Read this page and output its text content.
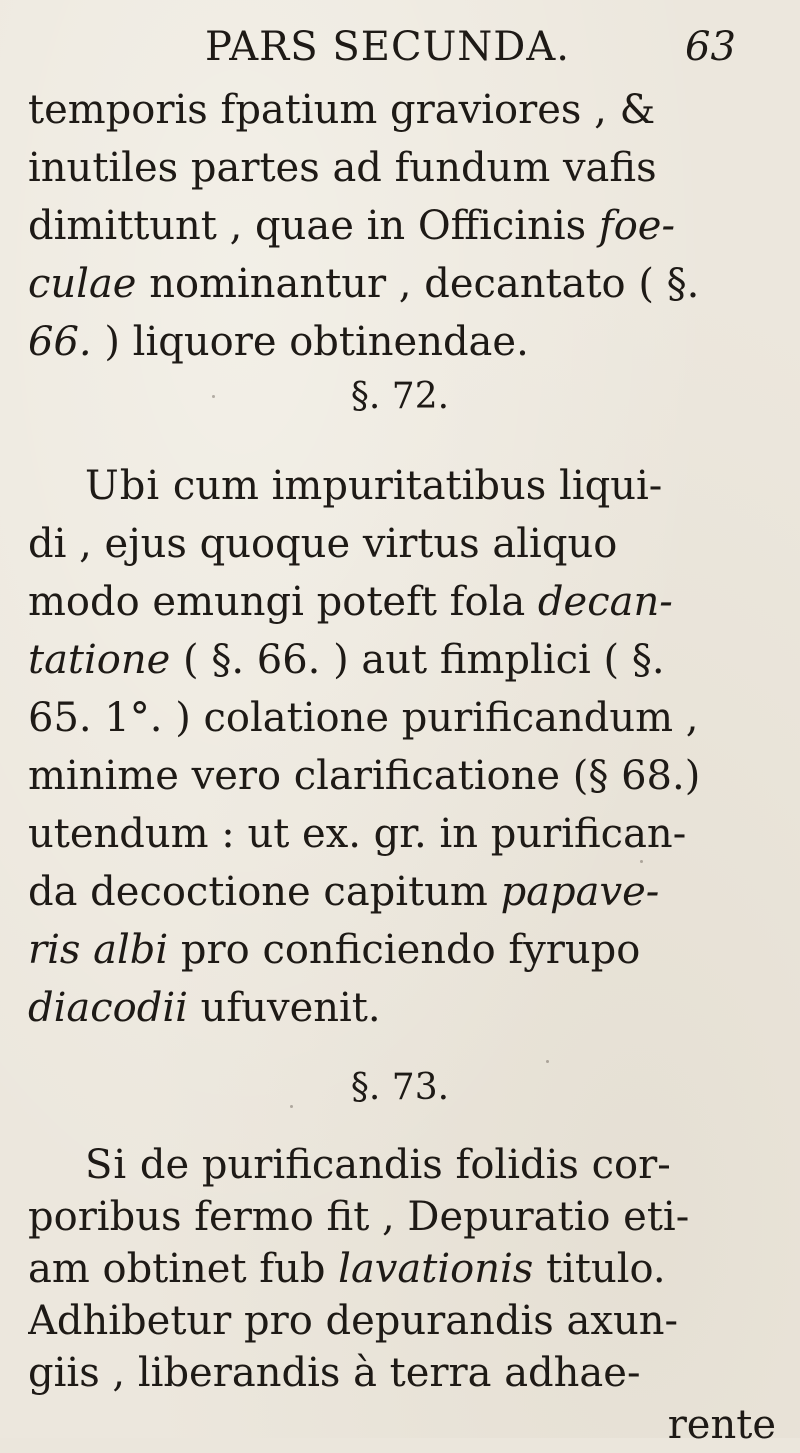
PARS SECUNDA.	63
temporis fpatium graviores , &
inutiles partes ad fundum vafis
dimittunt , quae in Officinis foe-
culae nominantur , decantato ( §.
66. ) liquore obtinendae.
§. 72.
Ubi cum impuritatibus liqui-
di , ejus quoque virtus aliquo
modo emungi poteft fola decan-
tatione ( §. 66. ) aut fimplici ( §.
65. 1°. ) colatione purificandum ,
minime vero clarificatione (§ 68.)
utendum : ut ex. gr. in purifican-
da decoctione capitum papave-
ris albi pro conficiendo fyrupo
diacodii ufuvenit.
§. 73.
Si de purificandis folidis cor-
poribus fermo fit , Depuratio eti-
am obtinet fub lavationis titulo.
Adhibetur pro depurandis axun-
giis , liberandis à terra adhae-
rente
